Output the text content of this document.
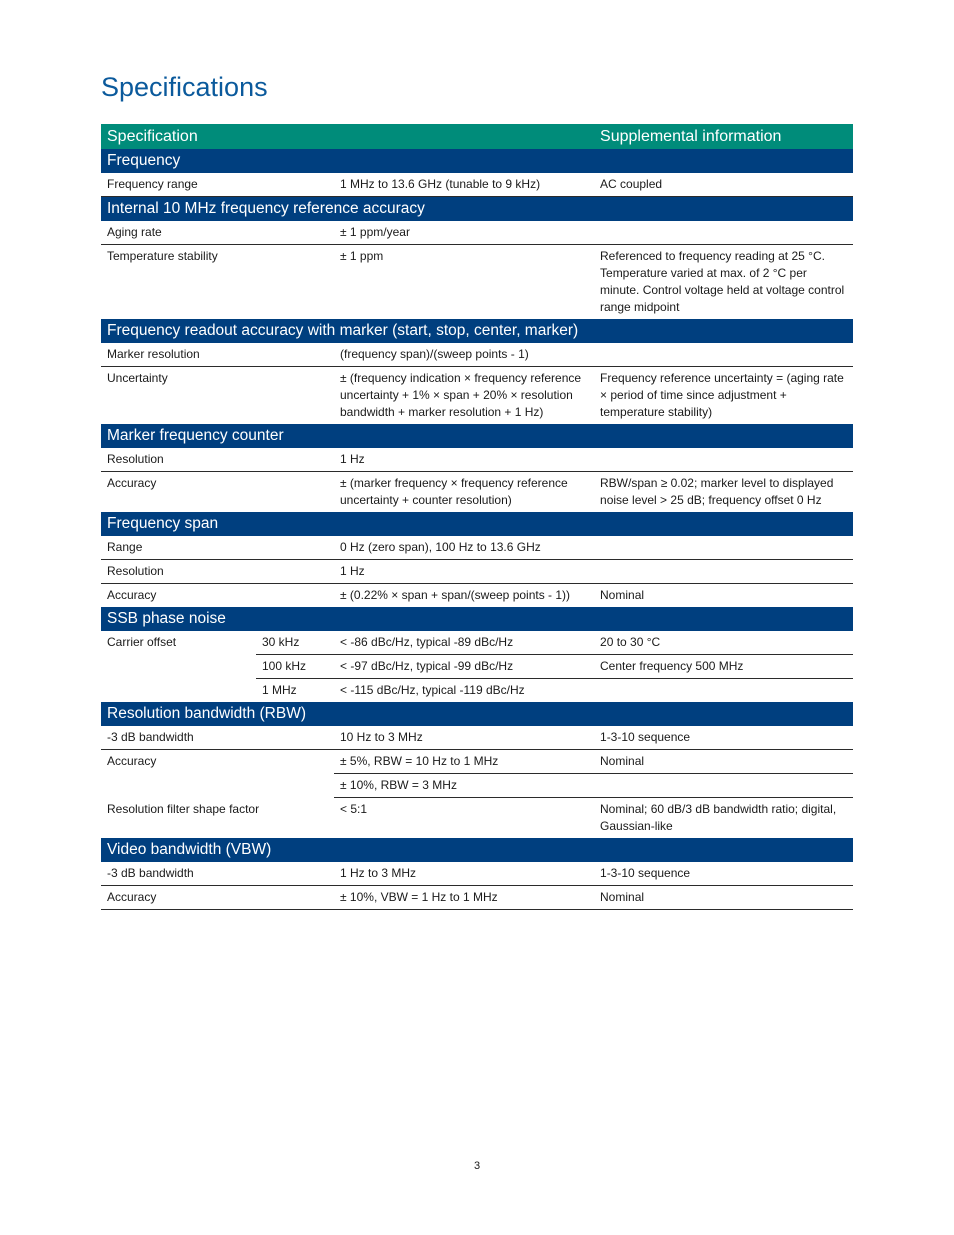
Specifications
Specification			Supplemental information
Frequency			
Frequency range		1 MHz to 13.6 GHz (tunable to 9 kHz)	AC coupled
Internal 10 MHz frequency reference accuracy			
Aging rate		± 1 ppm/year	
Temperature stability		± 1 ppm	Referenced to frequency reading at 25 °C. Temperature varied at max. of 2 °C per minute. Control voltage held at voltage control range midpoint
Frequency readout accuracy with marker (start, stop, center, marker)			
Marker resolution		(frequency span)/(sweep points - 1)	
Uncertainty		± (frequency indication × frequency reference uncertainty + 1% × span + 20% × resolution bandwidth + marker resolution + 1 Hz)	Frequency reference uncertainty = (aging rate × period of time since adjustment + temperature stability)
Marker frequency counter			
Resolution		1 Hz	
Accuracy		± (marker frequency × frequency reference uncertainty + counter resolution)	RBW/span ≥ 0.02; marker level to displayed noise level > 25 dB; frequency offset 0 Hz
Frequency span			
Range		0 Hz (zero span), 100 Hz to 13.6 GHz	
Resolution		1 Hz	
Accuracy		± (0.22% × span + span/(sweep points - 1))	Nominal
SSB phase noise			
Carrier offset	30 kHz	< -86 dBc/Hz, typical -89 dBc/Hz	20 to 30 °C
	100 kHz	< -97 dBc/Hz, typical -99 dBc/Hz	Center frequency 500 MHz
	1 MHz	< -115 dBc/Hz, typical -119 dBc/Hz	
Resolution bandwidth (RBW)			
-3 dB bandwidth		10 Hz to 3 MHz	1-3-10 sequence
Accuracy		± 5%, RBW = 10 Hz to 1 MHz	Nominal
		± 10%, RBW = 3 MHz	
Resolution filter shape factor		< 5:1	Nominal; 60 dB/3 dB bandwidth ratio; digital, Gaussian-like
Video bandwidth (VBW)			
-3 dB bandwidth		1 Hz to 3 MHz	1-3-10 sequence
Accuracy		± 10%, VBW = 1 Hz to 1 MHz	Nominal
3
